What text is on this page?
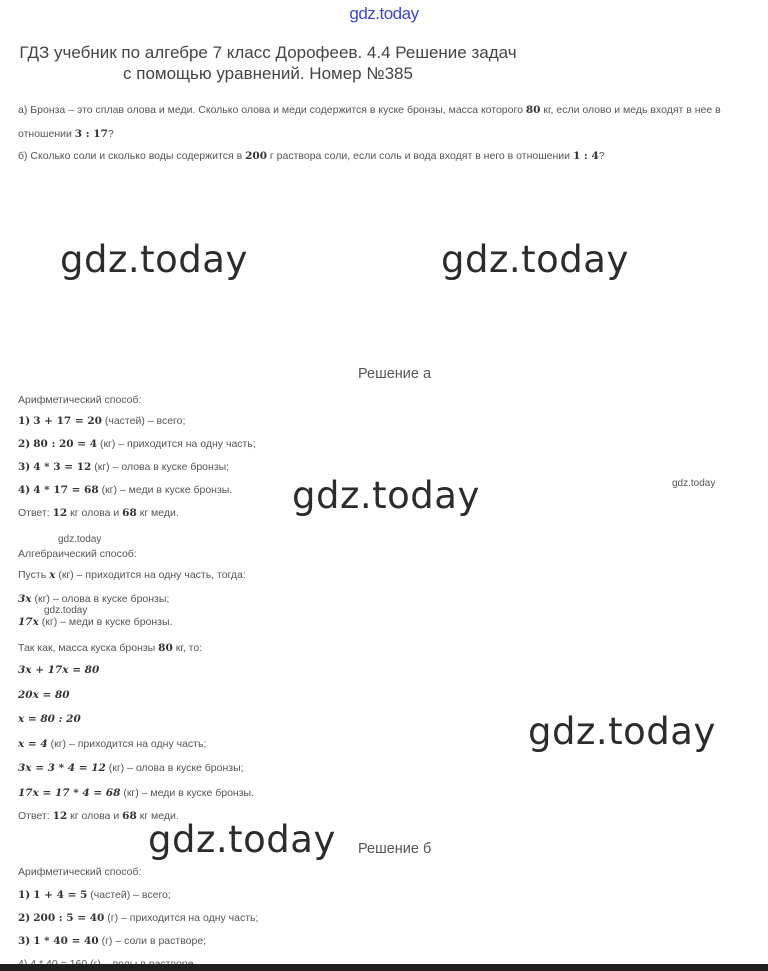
gdz.today
ГДЗ учебник по алгебре 7 класс Дорофеев. 4.4 Решение задач
с помощью уравнений. Номер №385
а) Бронза – это сплав олова и меди. Сколько олова и меди содержится в куске бронзы, масса которого 80 кг, если олово и медь входят в нее в
отношении 3 : 17?
б) Сколько соли и сколько воды содержится в 200 г раствора соли, если соль и вода входят в него в отношении 1 : 4?
gdz.today	gdz.today
gdz.today
gdz.today
gdz.today
gdz.today
gdz.today
gdz.today
Решение а
Арифметический способ:
1) 3 + 17 = 20 (частей) – всего;
2) 80 : 20 = 4 (кг) – приходится на одну часть;
3) 4 * 3 = 12 (кг) – олова в куске бронзы;
4) 4 * 17 = 68 (кг) – меди в куске бронзы.
Ответ: 12 кг олова и 68 кг меди.
Алгебраический способ:
Пусть x (кг) – приходится на одну часть, тогда:
3x (кг) – олова в куске бронзы;
17x (кг) – меди в куске бронзы.
Так как, масса куска бронзы 80 кг, то:
3x + 17x = 80
20x = 80
x = 80 : 20
x = 4 (кг) – приходится на одну часть;
3x = 3 * 4 = 12 (кг) – олова в куске бронзы;
17x = 17 * 4 = 68 (кг) – меди в куске бронзы.
Ответ: 12 кг олова и 68 кг меди.
Решение б
Арифметический способ:
1) 1 + 4 = 5 (частей) – всего;
2) 200 : 5 = 40 (г) – приходится на одну часть;
3) 1 * 40 = 40 (г) – соли в растворе;
